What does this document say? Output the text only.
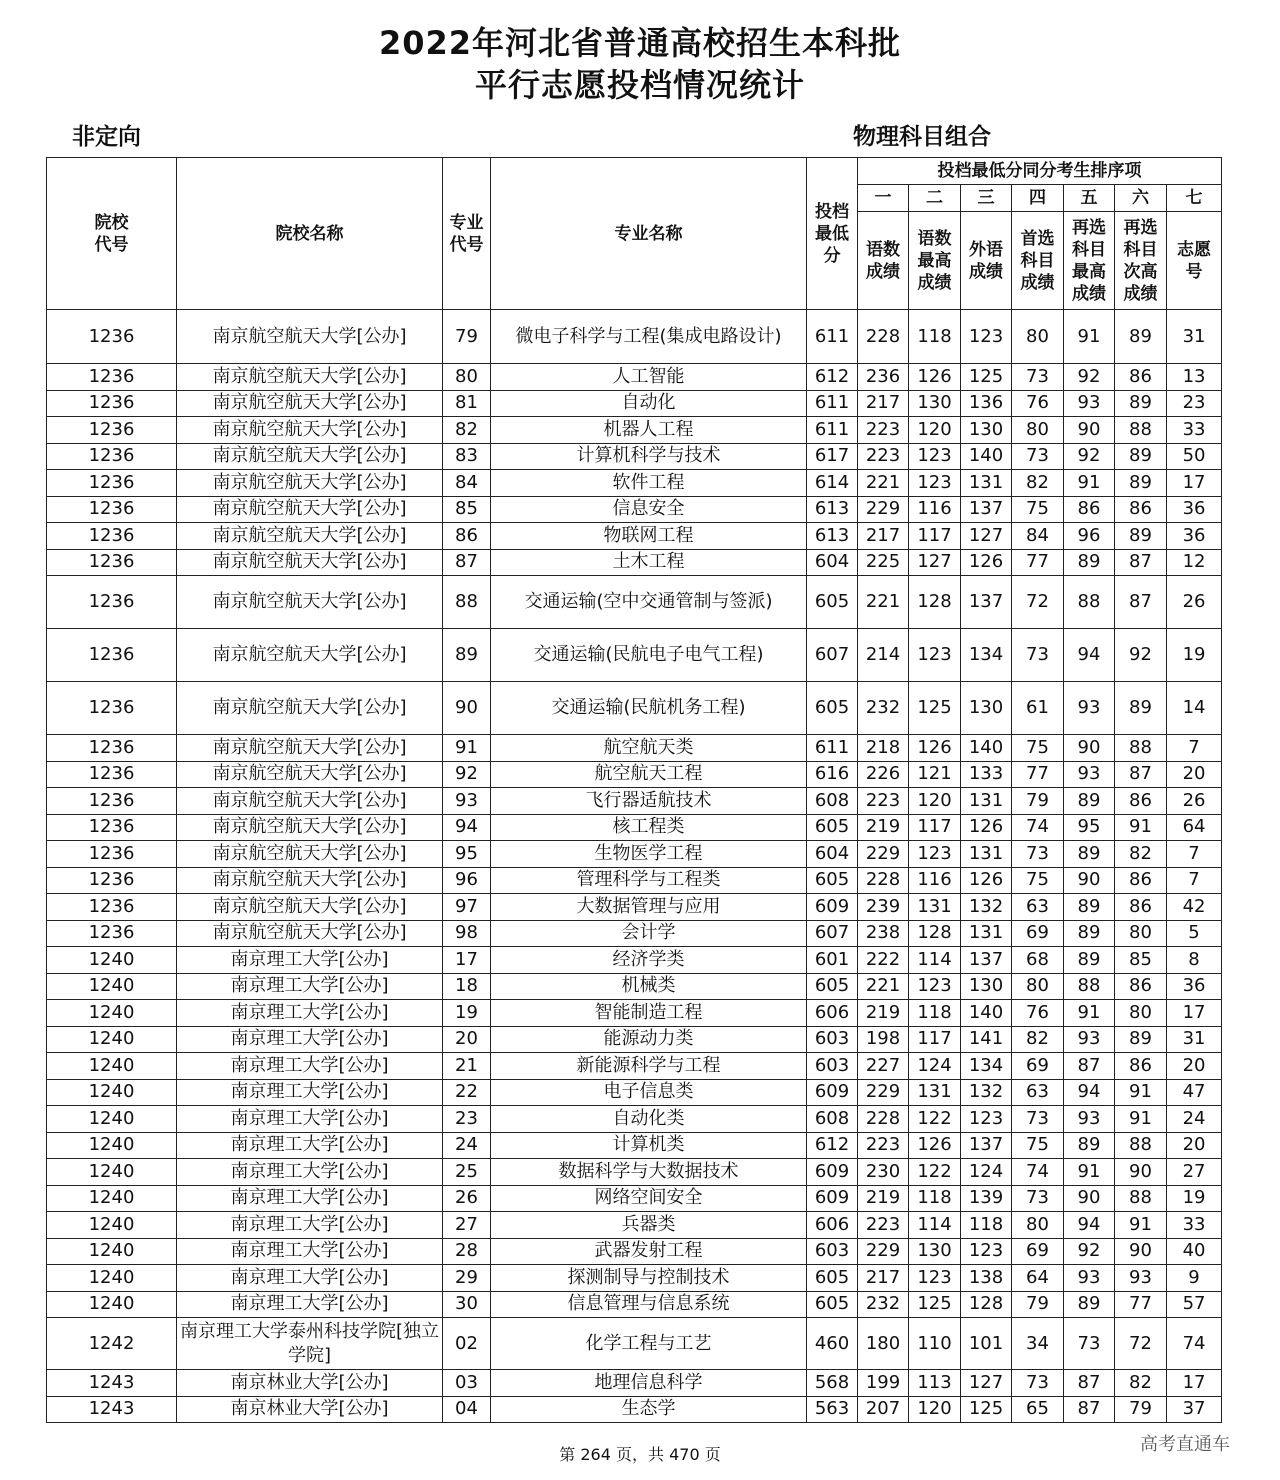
2022年河北省普通高校招生本科批
平行志愿投档情况统计
非定向	物理科目组合
院校代号	院校名称	专业代号	专业名称	投档最低分	投档最低分同分考生排序项						
					一	二	三	四	五	六	七

					语数成绩	语数最高成绩	外语成绩	首选科目成绩	再选科目最高成绩	再选科目次高成绩	志愿号

1236	南京航空航天大学[公办]	79	微电子科学与工程(集成电路设计)	611	228	118	123	80	91	89	31
1236	南京航空航天大学[公办]	80	人工智能	612	236	126	125	73	92	86	13
1236	南京航空航天大学[公办]	81	自动化	611	217	130	136	76	93	89	23
1236	南京航空航天大学[公办]	82	机器人工程	611	223	120	130	80	90	88	33
1236	南京航空航天大学[公办]	83	计算机科学与技术	617	223	123	140	73	92	89	50
1236	南京航空航天大学[公办]	84	软件工程	614	221	123	131	82	91	89	17
1236	南京航空航天大学[公办]	85	信息安全	613	229	116	137	75	86	86	36
1236	南京航空航天大学[公办]	86	物联网工程	613	217	117	127	84	96	89	36
1236	南京航空航天大学[公办]	87	土木工程	604	225	127	126	77	89	87	12
1236	南京航空航天大学[公办]	88	交通运输(空中交通管制与签派)	605	221	128	137	72	88	87	26
1236	南京航空航天大学[公办]	89	交通运输(民航电子电气工程)	607	214	123	134	73	94	92	19
1236	南京航空航天大学[公办]	90	交通运输(民航机务工程)	605	232	125	130	61	93	89	14
1236	南京航空航天大学[公办]	91	航空航天类	611	218	126	140	75	90	88	7
1236	南京航空航天大学[公办]	92	航空航天工程	616	226	121	133	77	93	87	20
1236	南京航空航天大学[公办]	93	飞行器适航技术	608	223	120	131	79	89	86	26
1236	南京航空航天大学[公办]	94	核工程类	605	219	117	126	74	95	91	64
1236	南京航空航天大学[公办]	95	生物医学工程	604	229	123	131	73	89	82	7
1236	南京航空航天大学[公办]	96	管理科学与工程类	605	228	116	126	75	90	86	7
1236	南京航空航天大学[公办]	97	大数据管理与应用	609	239	131	132	63	89	86	42
1236	南京航空航天大学[公办]	98	会计学	607	238	128	131	69	89	80	5
1240	南京理工大学[公办]	17	经济学类	601	222	114	137	68	89	85	8
1240	南京理工大学[公办]	18	机械类	605	221	123	130	80	88	86	36
1240	南京理工大学[公办]	19	智能制造工程	606	219	118	140	76	91	80	17
1240	南京理工大学[公办]	20	能源动力类	603	198	117	141	82	93	89	31
1240	南京理工大学[公办]	21	新能源科学与工程	603	227	124	134	69	87	86	20
1240	南京理工大学[公办]	22	电子信息类	609	229	131	132	63	94	91	47
1240	南京理工大学[公办]	23	自动化类	608	228	122	123	73	93	91	24
1240	南京理工大学[公办]	24	计算机类	612	223	126	137	75	89	88	20
1240	南京理工大学[公办]	25	数据科学与大数据技术	609	230	122	124	74	91	90	27
1240	南京理工大学[公办]	26	网络空间安全	609	219	118	139	73	90	88	19
1240	南京理工大学[公办]	27	兵器类	606	223	114	118	80	94	91	33
1240	南京理工大学[公办]	28	武器发射工程	603	229	130	123	69	92	90	40
1240	南京理工大学[公办]	29	探测制导与控制技术	605	217	123	138	64	93	93	9
1240	南京理工大学[公办]	30	信息管理与信息系统	605	232	125	128	79	89	77	57
1242	南京理工大学泰州科技学院[独立学院]	02	化学工程与工艺	460	180	110	101	34	73	72	74
1243	南京林业大学[公办]	03	地理信息科学	568	199	113	127	73	87	82	17
1243	南京林业大学[公办]	04	生态学	563	207	120	125	65	87	79	37
第 264 页，共 470 页	高考直通车
